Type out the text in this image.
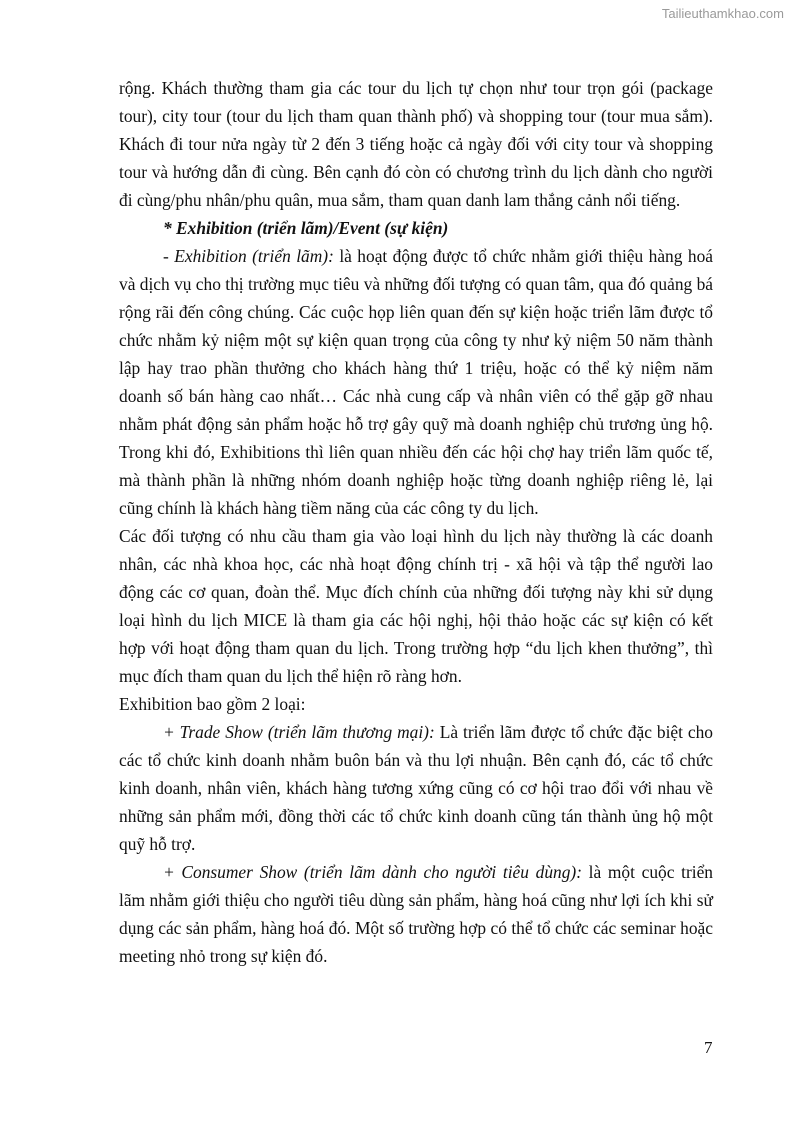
Tailieuthamkhao.com

rộng. Khách thường tham gia các tour du lịch tự chọn như tour trọn gói (package tour), city tour (tour du lịch tham quan thành phố) và shopping tour (tour mua sắm). Khách đi tour nửa ngày từ 2 đến 3 tiếng hoặc cả ngày đối với city tour và shopping tour và hướng dẫn đi cùng. Bên cạnh đó còn có chương trình du lịch dành cho người đi cùng/phu nhân/phu quân, mua sắm, tham quan danh lam thắng cảnh nổi tiếng.

* Exhibition (triển lãm)/Event (sự kiện)

- Exhibition (triển lãm): là hoạt động được tổ chức nhằm giới thiệu hàng hoá và dịch vụ cho thị trường mục tiêu và những đối tượng có quan tâm, qua đó quảng bá rộng rãi đến công chúng. Các cuộc họp liên quan đến sự kiện hoặc triển lãm được tổ chức nhằm kỷ niệm một sự kiện quan trọng của công ty như kỷ niệm 50 năm thành lập hay trao phần thưởng cho khách hàng thứ 1 triệu, hoặc có thể kỷ niệm năm doanh số bán hàng cao nhất… Các nhà cung cấp và nhân viên có thể gặp gỡ nhau nhằm phát động sản phẩm hoặc hỗ trợ gây quỹ mà doanh nghiệp chủ trương ủng hộ. Trong khi đó, Exhibitions thì liên quan nhiều đến các hội chợ hay triển lãm quốc tế, mà thành phần là những nhóm doanh nghiệp hoặc từng doanh nghiệp riêng lẻ, lại cũng chính là khách hàng tiềm năng của các công ty du lịch.

Các đối tượng có nhu cầu tham gia vào loại hình du lịch này thường là các doanh nhân, các nhà khoa học, các nhà hoạt động chính trị - xã hội và tập thể người lao động các cơ quan, đoàn thể. Mục đích chính của những đối tượng này khi sử dụng loại hình du lịch MICE là tham gia các hội nghị, hội thảo hoặc các sự kiện có kết hợp với hoạt động tham quan du lịch. Trong trường hợp “du lịch khen thưởng”, thì mục đích tham quan du lịch thể hiện rõ ràng hơn.

Exhibition bao gồm 2 loại:

+ Trade Show (triển lãm thương mại): Là triển lãm được tổ chức đặc biệt cho các tổ chức kinh doanh nhằm buôn bán và thu lợi nhuận. Bên cạnh đó, các tổ chức kinh doanh, nhân viên, khách hàng tương xứng cũng có cơ hội trao đổi với nhau về những sản phẩm mới, đồng thời các tổ chức kinh doanh cũng tán thành ủng hộ một quỹ hỗ trợ.

+ Consumer Show (triển lãm dành cho người tiêu dùng): là một cuộc triển lãm nhằm giới thiệu cho người tiêu dùng sản phẩm, hàng hoá cũng như lợi ích khi sử dụng các sản phẩm, hàng hoá đó. Một số trường hợp có thể tổ chức các seminar hoặc meeting nhỏ trong sự kiện đó.

7
